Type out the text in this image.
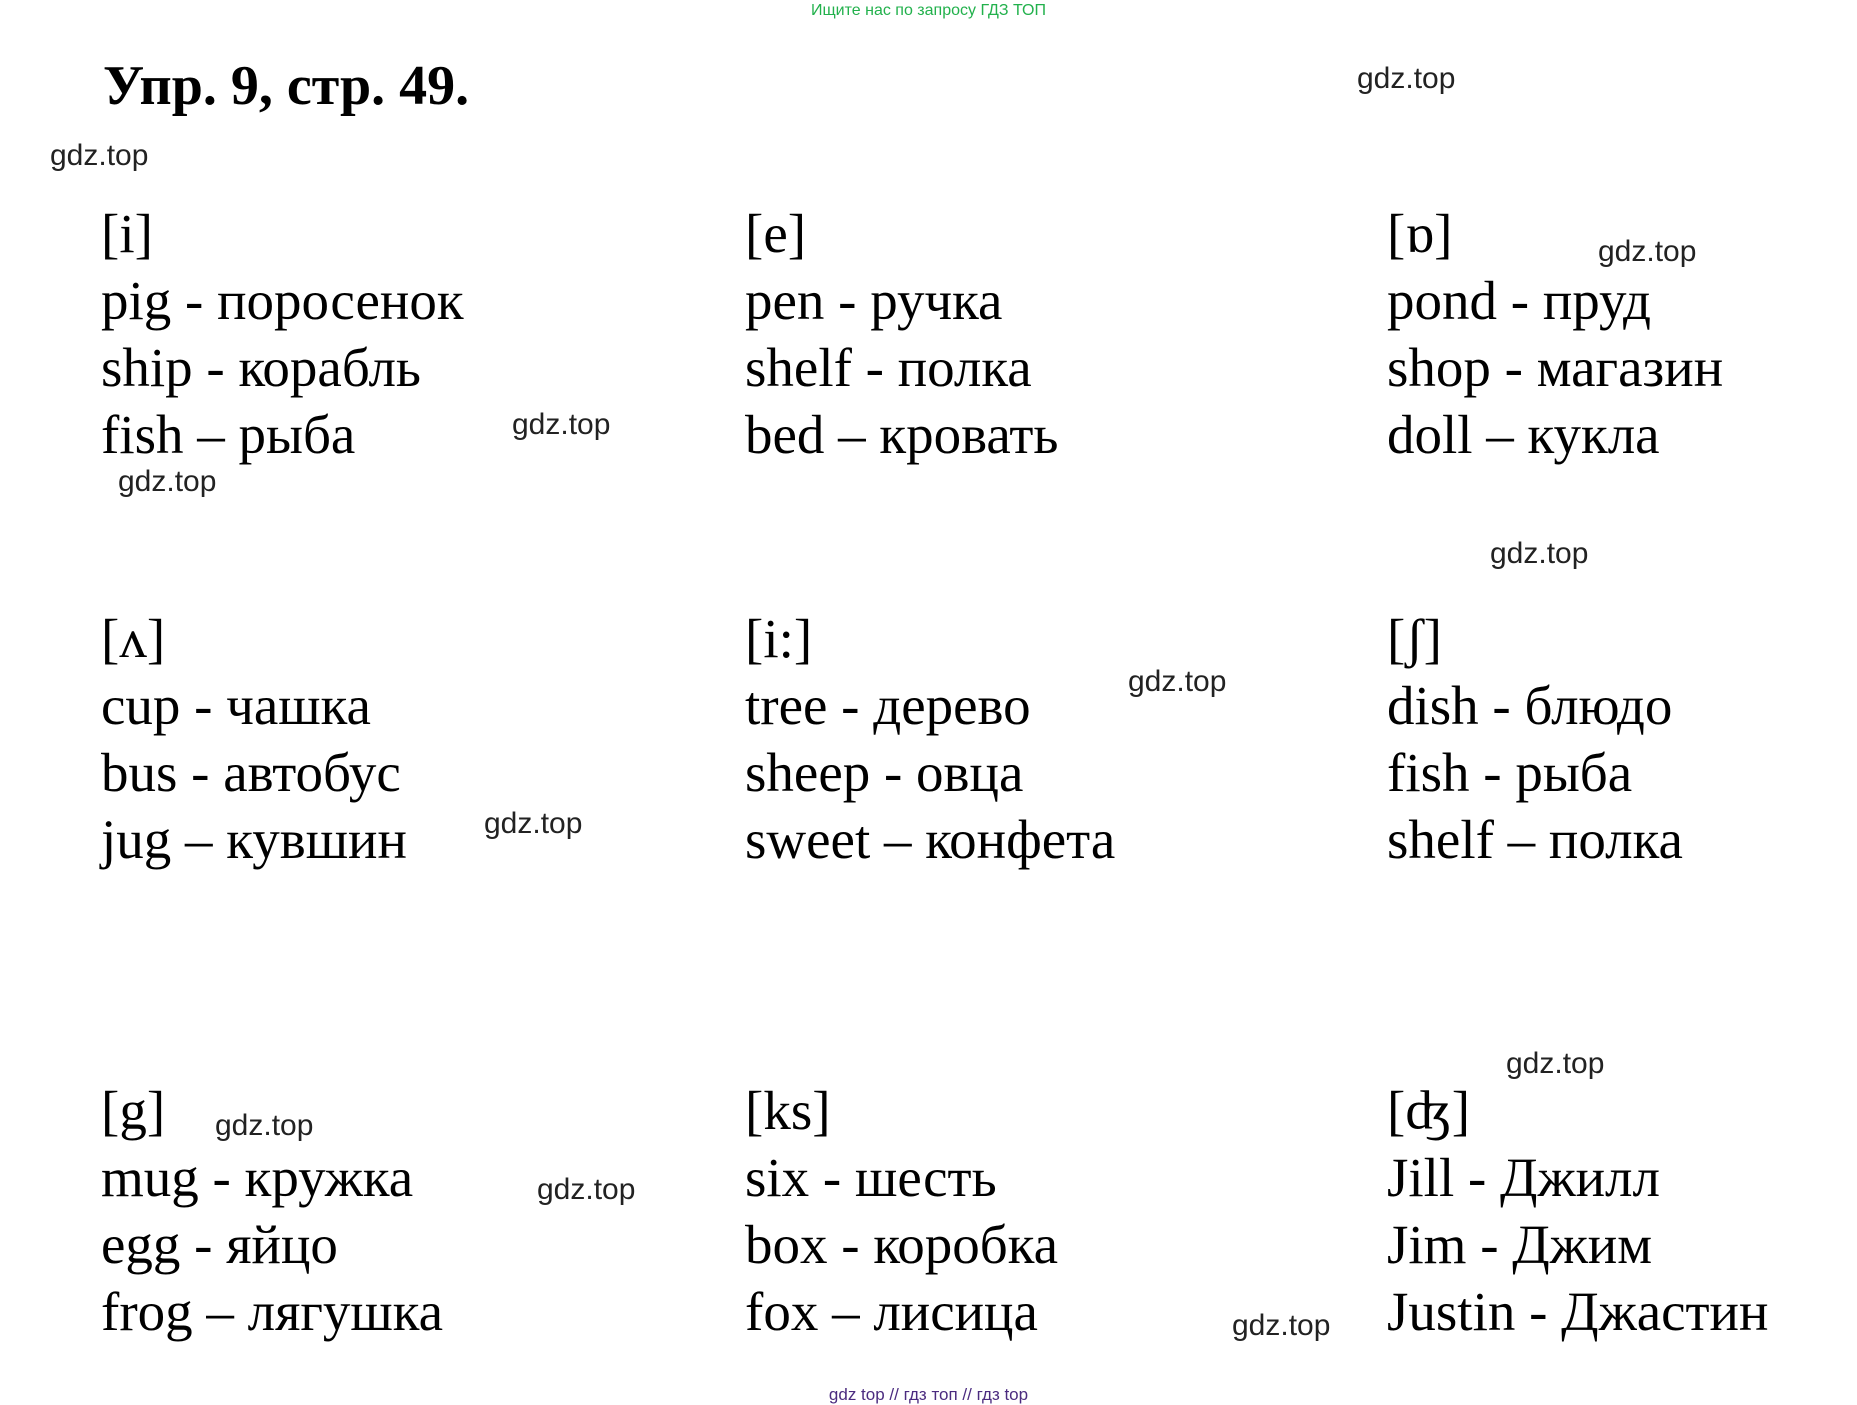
Ищите нас по запросу ГДЗ ТОП
Упр. 9, стр. 49.
[i]
pig - поросенок
ship - корабль
fish – рыба
[e]
pen - ручка
shelf - полка
bed – кровать
[ɒ]
pond - пруд
shop - магазин
doll – кукла
[ʌ]
cup - чашка
bus - автобус
jug – кувшин
[i:]
tree - дерево
sheep - овца
sweet – конфета
[ʃ]
dish - блюдо
fish - рыба
shelf – полка
[g]
mug - кружка
egg - яйцо
frog – лягушка
[ks]
six - шесть
box - коробка
fox – лисица
[ʤ]
Jill - Джилл
Jim - Джим
Justin - Джастин
gdz.top
gdz.top
gdz.top
gdz.top
gdz.top
gdz.top
gdz.top
gdz.top
gdz.top
gdz.top
gdz.top
gdz.top
gdz top // гдз топ // гдз top
